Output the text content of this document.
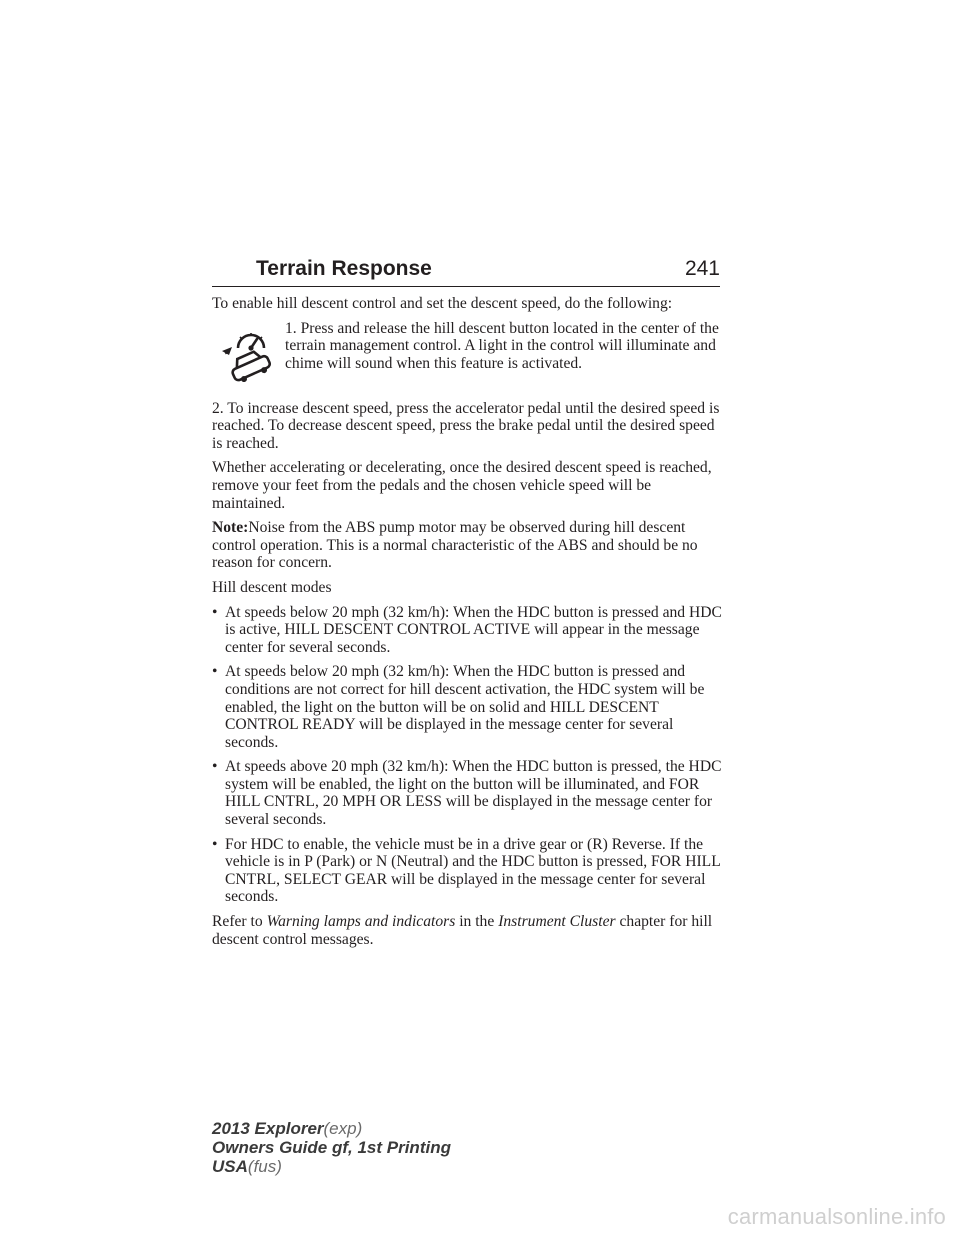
Terrain Response	241

To enable hill descent control and set the descent speed, do the following:

1. Press and release the hill descent button located in the center of the terrain management control. A light in the control will illuminate and chime will sound when this feature is activated.

2. To increase descent speed, press the accelerator pedal until the desired speed is reached. To decrease descent speed, press the brake pedal until the desired speed is reached.

Whether accelerating or decelerating, once the desired descent speed is reached, remove your feet from the pedals and the chosen vehicle speed will be maintained.

Note:Noise from the ABS pump motor may be observed during hill descent control operation. This is a normal characteristic of the ABS and should be no reason for concern.

Hill descent modes

• At speeds below 20 mph (32 km/h): When the HDC button is pressed and HDC is active, HILL DESCENT CONTROL ACTIVE will appear in the message center for several seconds.
• At speeds below 20 mph (32 km/h): When the HDC button is pressed and conditions are not correct for hill descent activation, the HDC system will be enabled, the light on the button will be on solid and HILL DESCENT CONTROL READY will be displayed in the message center for several seconds.
• At speeds above 20 mph (32 km/h): When the HDC button is pressed, the HDC system will be enabled, the light on the button will be illuminated, and FOR HILL CNTRL, 20 MPH OR LESS will be displayed in the message center for several seconds.
• For HDC to enable, the vehicle must be in a drive gear or (R) Reverse. If the vehicle is in P (Park) or N (Neutral) and the HDC button is pressed, FOR HILL CNTRL, SELECT GEAR will be displayed in the message center for several seconds.

Refer to Warning lamps and indicators in the Instrument Cluster chapter for hill descent control messages.

2013 Explorer(exp)
Owners Guide gf, 1st Printing
USA(fus)
carmanualsonline.info
